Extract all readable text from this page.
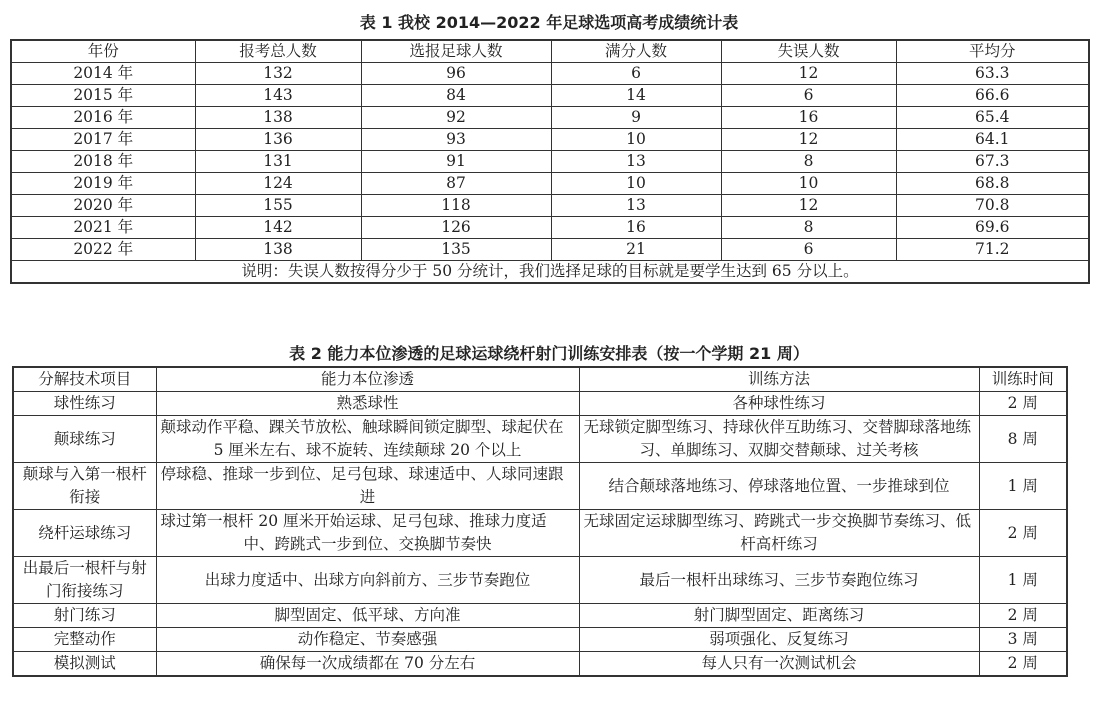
表 1 我校 2014—2022 年足球选项高考成绩统计表
年份	报考总人数	选报足球人数	满分人数	失误人数	平均分
2014 年	132	96	6	12	63.3
2015 年	143	84	14	6	66.6
2016 年	138	92	9	16	65.4
2017 年	136	93	10	12	64.1
2018 年	131	91	13	8	67.3
2019 年	124	87	10	10	68.8
2020 年	155	118	13	12	70.8
2021 年	142	126	16	8	69.6
2022 年	138	135	21	6	71.2
说明：失误人数按得分少于 50 分统计，我们选择足球的目标就是要学生达到 65 分以上。					
表 2 能力本位渗透的足球运球绕杆射门训练安排表（按一个学期 21 周）
分解技术项目	能力本位渗透	训练方法	训练时间
球性练习	熟悉球性	各种球性练习	2 周
颠球练习	颠球动作平稳、踝关节放松、触球瞬间锁定脚型、球起伏在 5 厘米左右、球不旋转、连续颠球 20 个以上	无球锁定脚型练习、持球伙伴互助练习、交替脚球落地练习、单脚练习、双脚交替颠球、过关考核	8 周
颠球与入第一根杆衔接	停球稳、推球一步到位、足弓包球、球速适中、人球同速跟进	结合颠球落地练习、停球落地位置、一步推球到位	1 周
绕杆运球练习	球过第一根杆 20 厘米开始运球、足弓包球、推球力度适中、跨跳式一步到位、交换脚节奏快	无球固定运球脚型练习、跨跳式一步交换脚节奏练习、低杆高杆练习	2 周
出最后一根杆与射门衔接练习	出球力度适中、出球方向斜前方、三步节奏跑位	最后一根杆出球练习、三步节奏跑位练习	1 周
射门练习	脚型固定、低平球、方向准	射门脚型固定、距离练习	2 周
完整动作	动作稳定、节奏感强	弱项强化、反复练习	3 周
模拟测试	确保每一次成绩都在 70 分左右	每人只有一次测试机会	2 周
